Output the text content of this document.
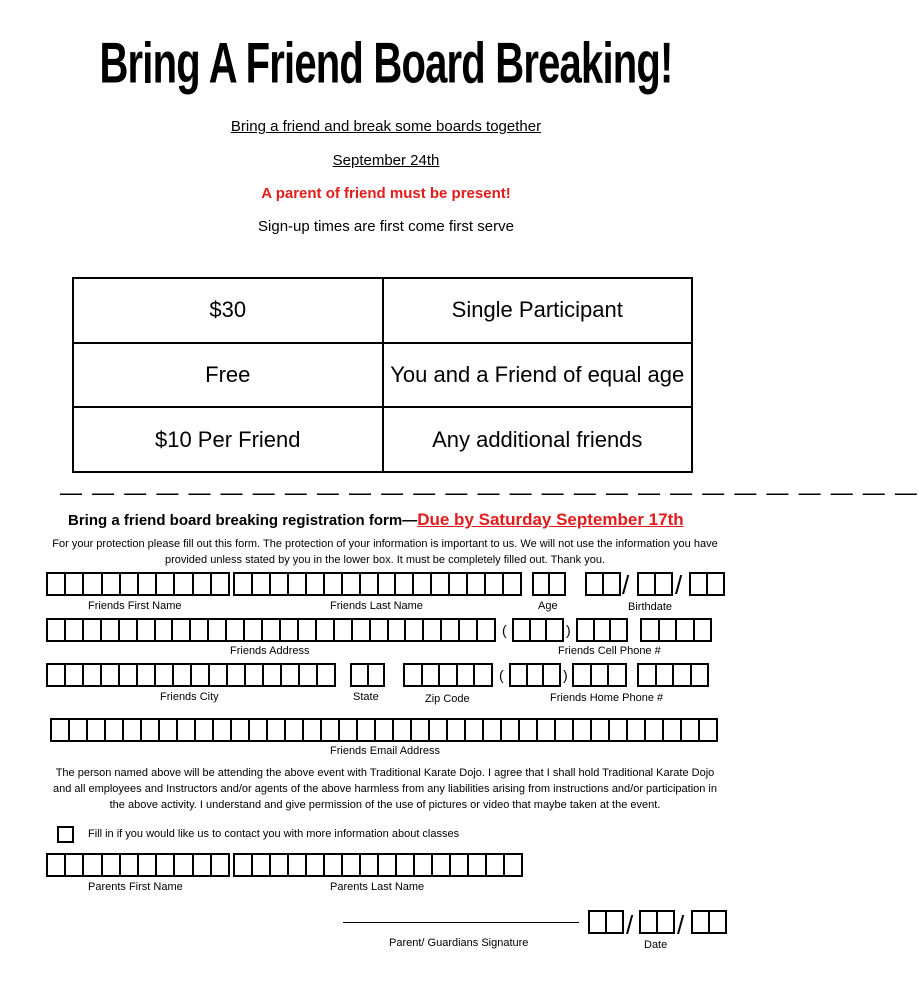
Bring A Friend Board Breaking!
Bring a friend and break some boards together
September 24th
A parent of friend must be present!
Sign-up times are first come first serve
$30	Single Participant
Free	You and a Friend of equal age
$10 Per Friend	Any additional friends
— — — — — — — — — — — — — — — — — — — — — — — — — — —
Bring a friend board breaking registration form—Due by Saturday September 17th
For your protection please fill out this form. The protection of your information is important to us. We will not use the information you have provided unless stated by you in the lower box. It must be completely filled out. Thank you.
/ /
Friends First Name	Friends Last Name	Age	Birthdate
(	)
Friends Address	Friends Cell Phone #
(	)
Friends City	State	Zip Code	Friends Home Phone #
Friends Email Address
The person named above will be attending the above event with Traditional Karate Dojo. I agree that I shall hold Traditional Karate Dojo and all employees and Instructors and/or agents of the above harmless from any liabilities arising from instructions and/or participation in the above activity. I understand and give permission of the use of pictures or video that maybe taken at the event.
Fill in if you would like us to contact you with more information about classes
Parents First Name	Parents Last Name
Parent/ Guardians Signature
/ /
Date
